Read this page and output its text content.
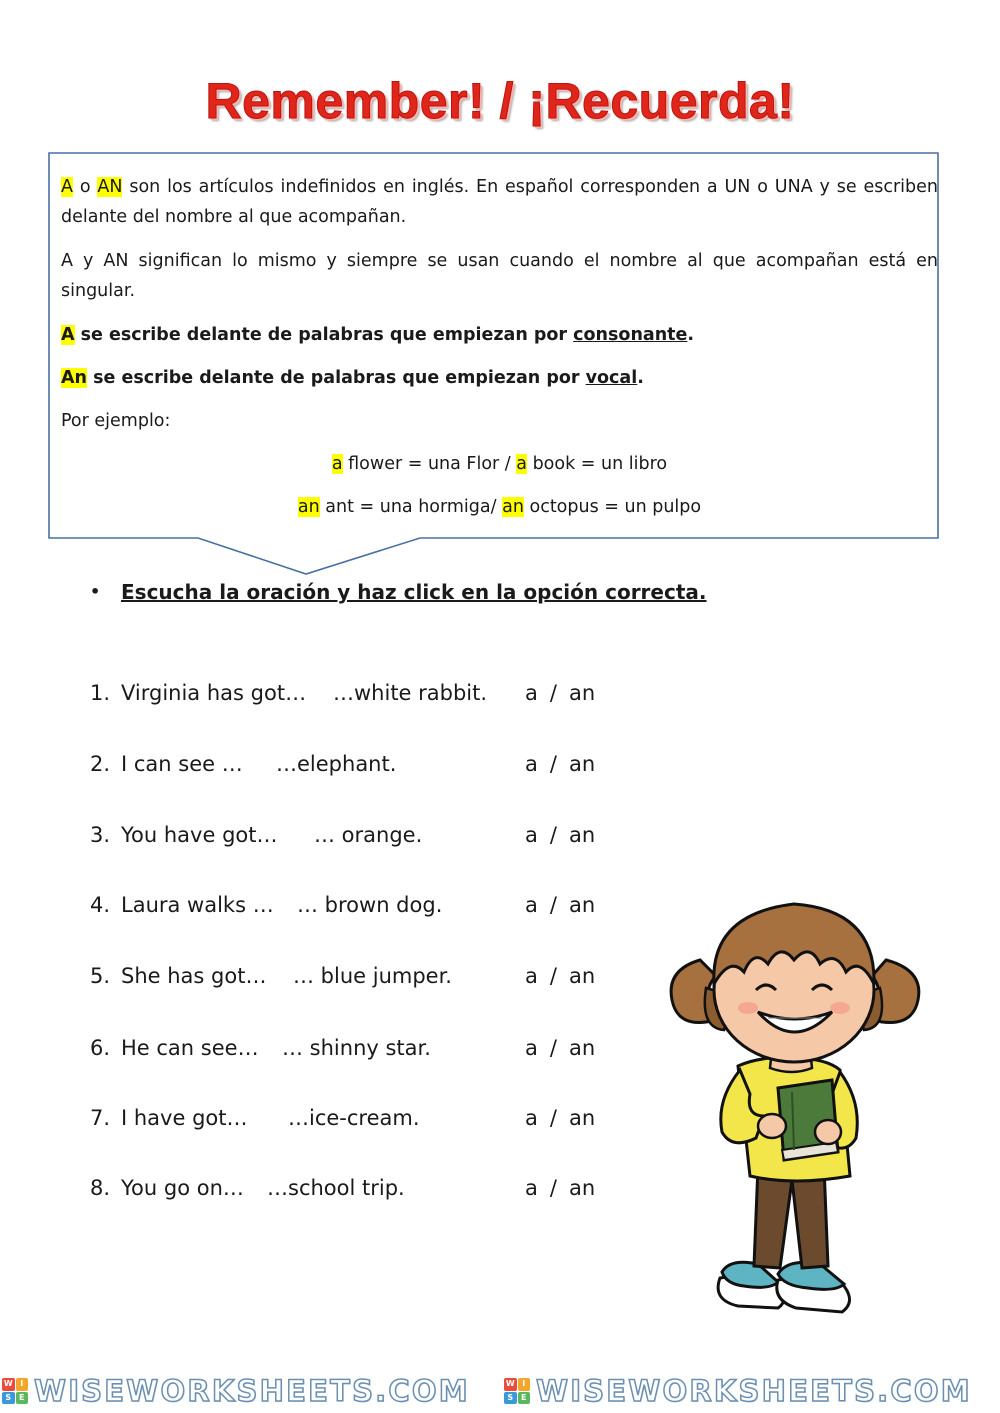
Remember! / ¡Recuerda!

A o AN son los artículos indefinidos en inglés. En español corresponden a UN o UNA y se escriben delante del nombre al que acompañan.

A y AN significan lo mismo y siempre se usan cuando el nombre al que acompañan está en singular.

A se escribe delante de palabras que empiezan por consonante.

An se escribe delante de palabras que empiezan por vocal.

Por ejemplo:

a flower = una Flor / a book = un libro

an ant = una hormiga/ an octopus = un pulpo

• Escucha la oración y haz click en la opción correcta.
1. Virginia has got… …white rabbit. a / an
2. I can see … …elephant.	a / an
3. You have got… … orange.	a / an
4. Laura walks … … brown dog.	a / an
5. She has got… … blue jumper.	a / an
6. He can see… … shinny star.	a / an
7. I have got… …ice-cream.	a / an
8. You go on… …school trip.	a / an
W I
S E WISEWORKSHEETS.COM	W I
S E WISEWORKSHEETS.COM
